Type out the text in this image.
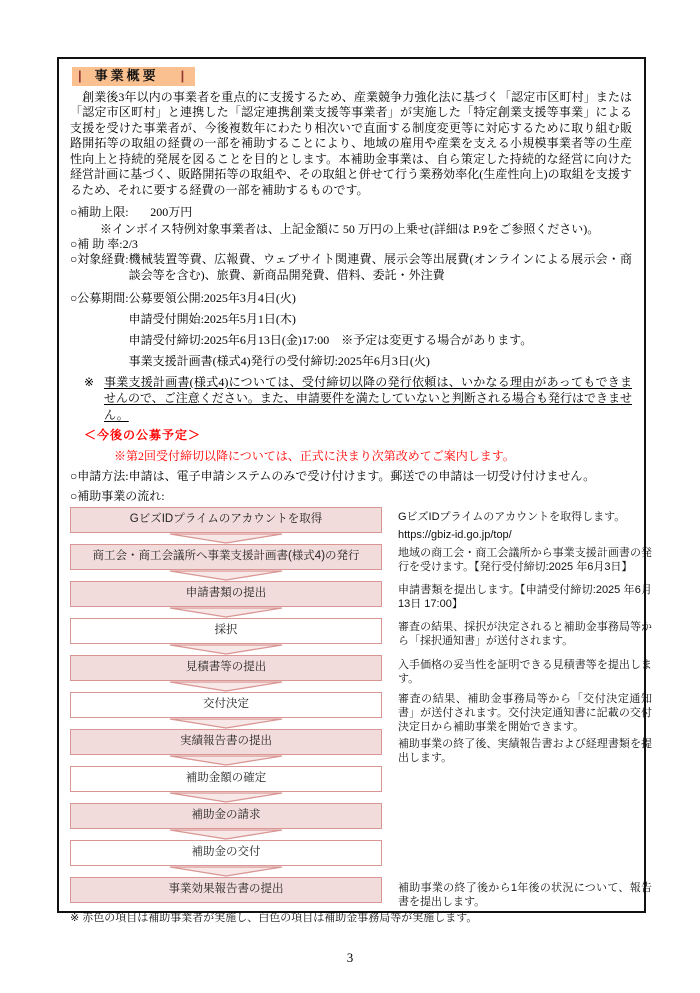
| 事業概要 |

　創業後3年以内の事業者を重点的に支援するため、産業競争力強化法に基づく「認定市区町村」または「認定市区町村」と連携した「認定連携創業支援等事業者」が実施した「特定創業支援等事業」による支援を受けた事業者が、今後複数年にわたり相次いで直面する制度変更等に対応するために取り組む販路開拓等の取組の経費の一部を補助することにより、地域の雇用や産業を支える小規模事業者等の生産性向上と持続的発展を図ることを目的とします。本補助金事業は、自ら策定した持続的な経営に向けた経営計画に基づく、販路開拓等の取組や、その取組と併せて行う業務効率化(生産性向上)の取組を支援するため、それに要する経費の一部を補助するものです。

○補助上限: 200万円
※インボイス特例対象事業者は、上記金額に 50 万円の上乗せ(詳細は P.9をご参照ください)。
○補 助 率:2/3
○対象経費: 機械装置等費、広報費、ウェブサイト関連費、展示会等出展費(オンラインによる展示会・商談会等を含む)、旅費、新商品開発費、借料、委託・外注費
○公募期間: 公募要領公開:2025年3月4日(火)
申請受付開始:2025年5月1日(木)
申請受付締切:2025年6月13日(金)17:00　※予定は変更する場合があります。
事業支援計画書(様式4)発行の受付締切:2025年6月3日(火)
※ 事業支援計画書(様式4)については、受付締切以降の発行依頼は、いかなる理由があってもできませんので、ご注意ください。また、申請要件を満たしていないと判断される場合も発行はできません。
＜今後の公募予定＞
※第2回受付締切以降については、正式に決まり次第改めてご案内します。
○申請方法: 申請は、電子申請システムのみで受け付けます。郵送での申請は一切受け付けません。
○補助事業の流れ:
GビズIDプライムのアカウントを取得
商工会・商工会議所へ事業支援計画書(様式4)の発行
申請書類の提出
採択
見積書等の提出
交付決定
実績報告書の提出
補助金額の確定
補助金の請求
補助金の交付
事業効果報告書の提出
GビズIDプライムのアカウントを取得します。
https://gbiz-id.go.jp/top/
地域の商工会・商工会議所から事業支援計画書の発行を受けます。【発行受付締切:2025 年6月3日】
申請書類を提出します。【申請受付締切:2025 年6月13日 17:00】
審査の結果、採択が決定されると補助金事務局等から「採択通知書」が送付されます。
入手価格の妥当性を証明できる見積書等を提出します。
審査の結果、補助金事務局等から「交付決定通知書」が送付されます。交付決定通知書に記載の交付決定日から補助事業を開始できます。
補助事業の終了後、実績報告書および経理書類を提出します。
補助事業の終了後から1年後の状況について、報告書を提出します。
※ 赤色の項目は補助事業者が実施し、白色の項目は補助金事務局等が実施します。
3
